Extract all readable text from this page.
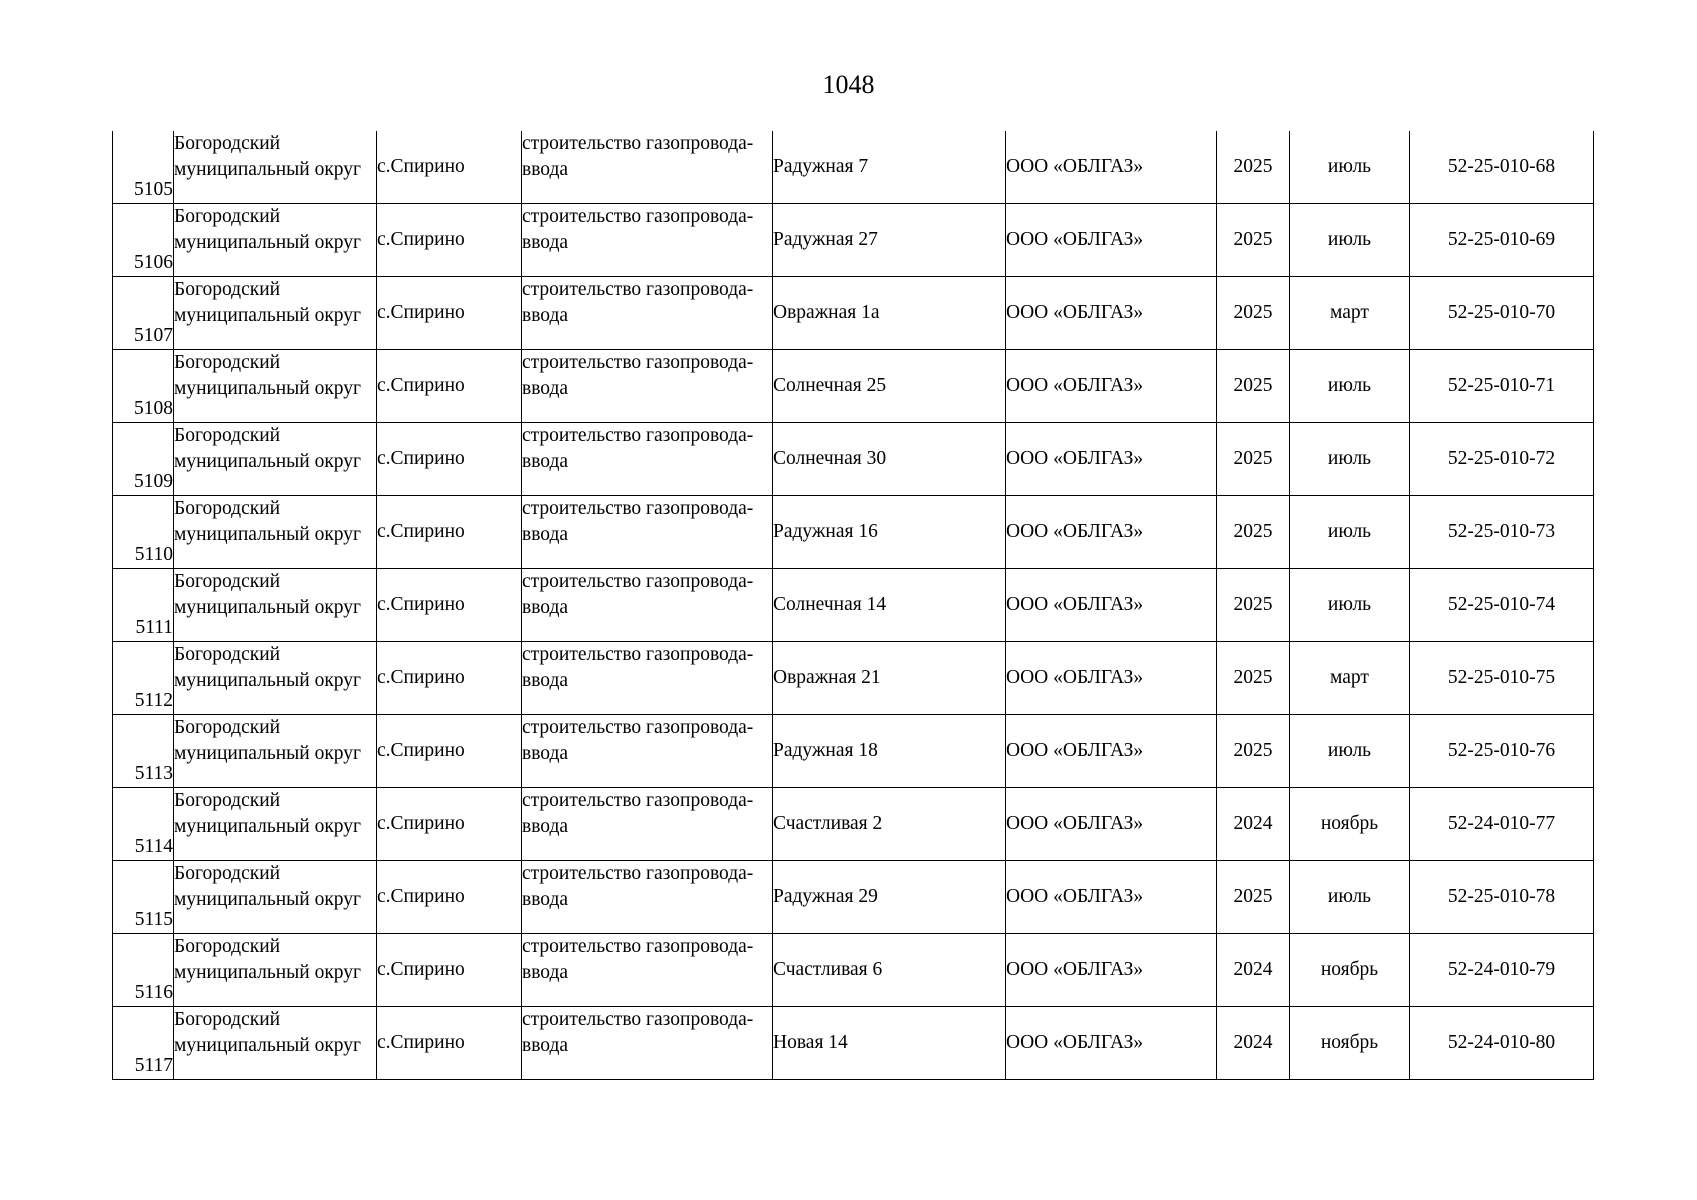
1048
5105	Богородский
муниципальный округ	с.Спирино	строительство газопровода-
ввода	Радужная 7	ООО «ОБЛГАЗ»	2025	июль	52-25-010-68
5106	Богородский
муниципальный округ	с.Спирино	строительство газопровода-
ввода	Радужная 27	ООО «ОБЛГАЗ»	2025	июль	52-25-010-69
5107	Богородский
муниципальный округ	с.Спирино	строительство газопровода-
ввода	Овражная 1а	ООО «ОБЛГАЗ»	2025	март	52-25-010-70
5108	Богородский
муниципальный округ	с.Спирино	строительство газопровода-
ввода	Солнечная 25	ООО «ОБЛГАЗ»	2025	июль	52-25-010-71
5109	Богородский
муниципальный округ	с.Спирино	строительство газопровода-
ввода	Солнечная 30	ООО «ОБЛГАЗ»	2025	июль	52-25-010-72
5110	Богородский
муниципальный округ	с.Спирино	строительство газопровода-
ввода	Радужная 16	ООО «ОБЛГАЗ»	2025	июль	52-25-010-73
5111	Богородский
муниципальный округ	с.Спирино	строительство газопровода-
ввода	Солнечная 14	ООО «ОБЛГАЗ»	2025	июль	52-25-010-74
5112	Богородский
муниципальный округ	с.Спирино	строительство газопровода-
ввода	Овражная 21	ООО «ОБЛГАЗ»	2025	март	52-25-010-75
5113	Богородский
муниципальный округ	с.Спирино	строительство газопровода-
ввода	Радужная 18	ООО «ОБЛГАЗ»	2025	июль	52-25-010-76
5114	Богородский
муниципальный округ	с.Спирино	строительство газопровода-
ввода	Счастливая 2	ООО «ОБЛГАЗ»	2024	ноябрь	52-24-010-77
5115	Богородский
муниципальный округ	с.Спирино	строительство газопровода-
ввода	Радужная 29	ООО «ОБЛГАЗ»	2025	июль	52-25-010-78
5116	Богородский
муниципальный округ	с.Спирино	строительство газопровода-
ввода	Счастливая 6	ООО «ОБЛГАЗ»	2024	ноябрь	52-24-010-79
5117	Богородский
муниципальный округ	с.Спирино	строительство газопровода-
ввода	Новая 14	ООО «ОБЛГАЗ»	2024	ноябрь	52-24-010-80
